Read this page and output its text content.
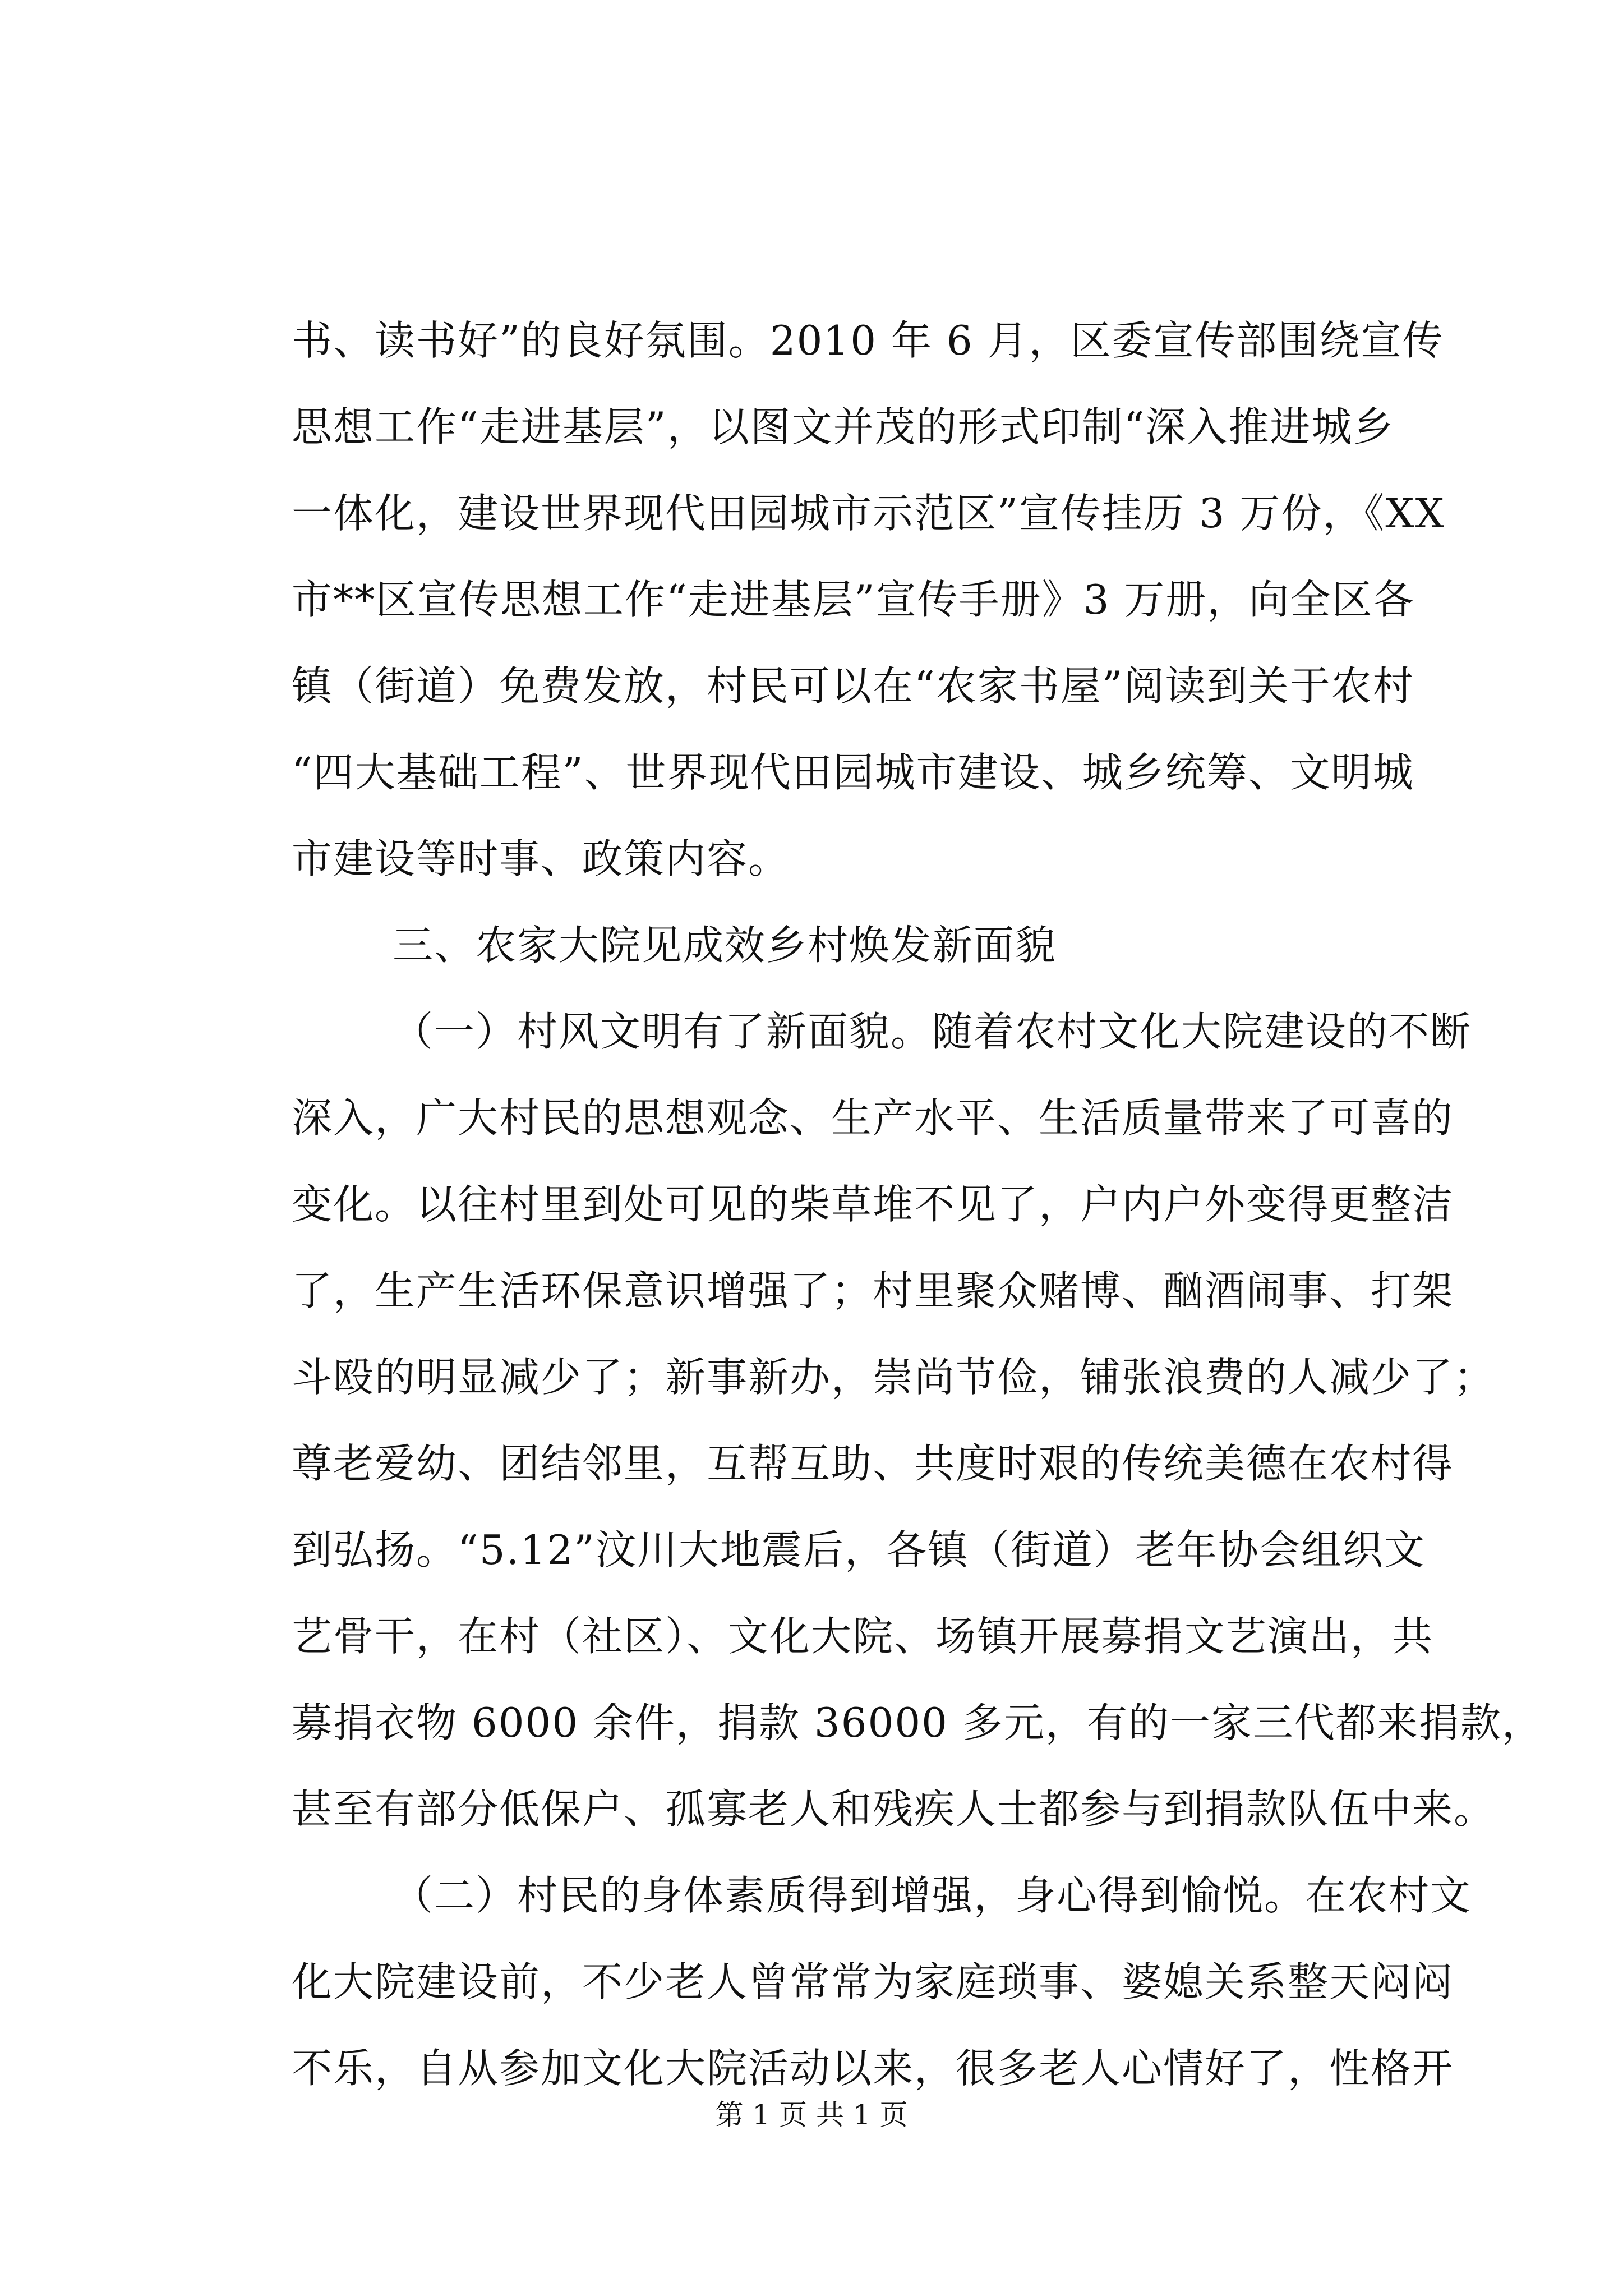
书、读书好”的良好氛围。2010 年 6 月，区委宣传部围绕宣传
思想工作“走进基层”，以图文并茂的形式印制“深入推进城乡
一体化，建设世界现代田园城市示范区”宣传挂历 3 万份，《XX
市**区宣传思想工作“走进基层”宣传手册》3 万册，向全区各
镇（街道）免费发放，村民可以在“农家书屋”阅读到关于农村
“四大基础工程”、世界现代田园城市建设、城乡统筹、文明城
市建设等时事、政策内容。
三、农家大院见成效乡村焕发新面貌
（一）村风文明有了新面貌。随着农村文化大院建设的不断
深入，广大村民的思想观念、生产水平、生活质量带来了可喜的
变化。以往村里到处可见的柴草堆不见了，户内户外变得更整洁
了，生产生活环保意识增强了；村里聚众赌博、酗酒闹事、打架
斗殴的明显减少了；新事新办，崇尚节俭，铺张浪费的人减少了；
尊老爱幼、团结邻里，互帮互助、共度时艰的传统美德在农村得
到弘扬。“5.12”汶川大地震后，各镇（街道）老年协会组织文
艺骨干，在村（社区）、文化大院、场镇开展募捐文艺演出，共
募捐衣物 6000 余件，捐款 36000 多元，有的一家三代都来捐款，
甚至有部分低保户、孤寡老人和残疾人士都参与到捐款队伍中来。
（二）村民的身体素质得到增强，身心得到愉悦。在农村文
化大院建设前，不少老人曾常常为家庭琐事、婆媳关系整天闷闷
不乐，自从参加文化大院活动以来，很多老人心情好了，性格开
第 1 页 共 1 页
